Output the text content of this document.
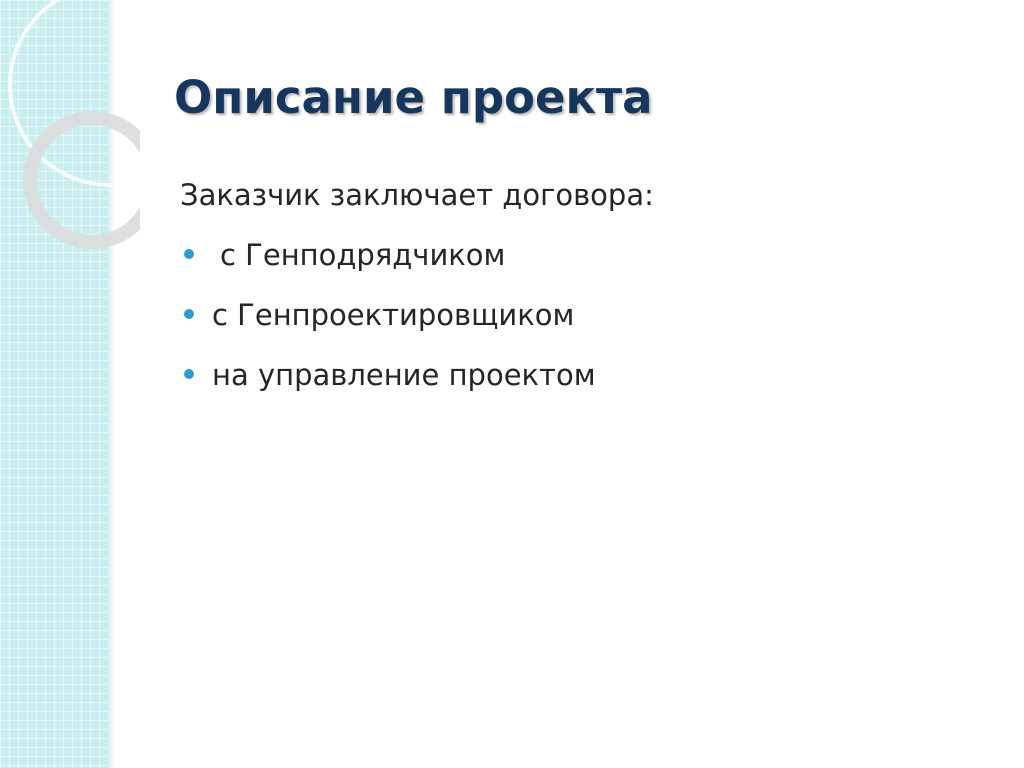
Описание проекта

Заказчик заключает договора:

с Генподрядчиком
с Генпроектировщиком
на управление проектом
